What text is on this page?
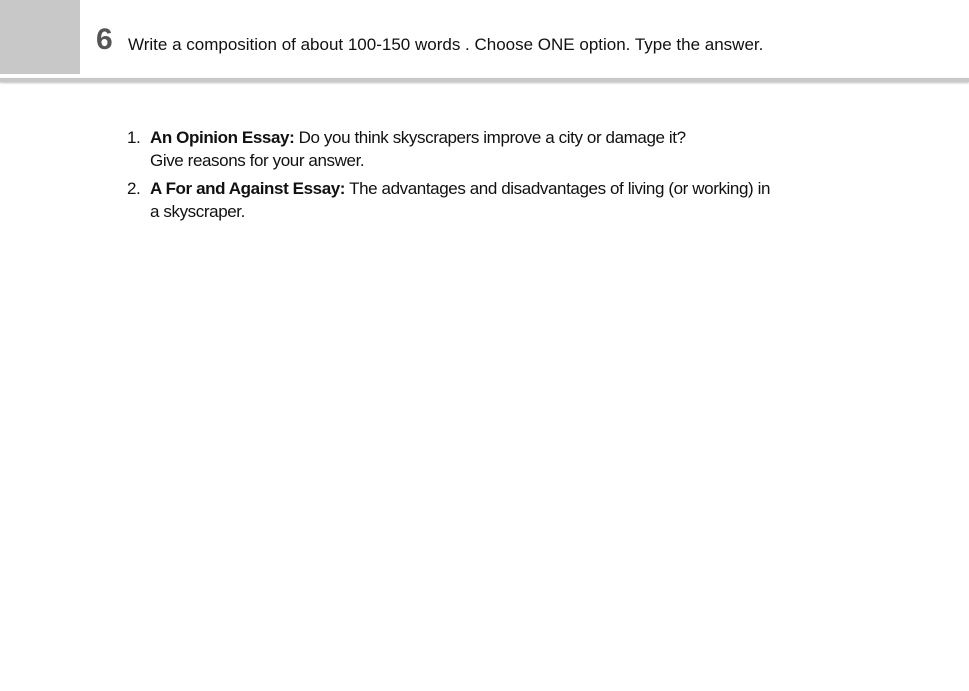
6 Write a composition of about 100-150 words . Choose ONE option. Type the answer.
1. An Opinion Essay: Do you think skyscrapers improve a city or damage it?
Give reasons for your answer.
2. A For and Against Essay: The advantages and disadvantages of living (or working) in
a skyscraper.
